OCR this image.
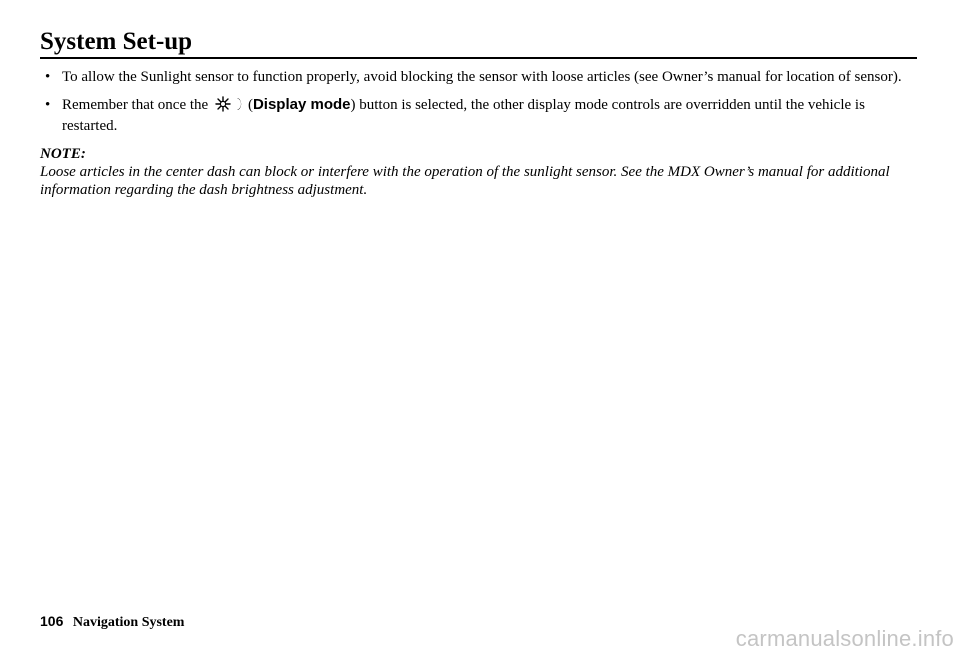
System Set-up
• To allow the Sunlight sensor to function properly, avoid blocking the sensor with loose articles (see Owner’s manual for location of sensor).
• Remember that once the	(Display mode) button is selected, the other display mode controls are overridden until the vehicle is restarted.
NOTE:

Loose articles in the center dash can block or interfere with the operation of the sunlight sensor. See the MDX Owner’s manual for additional information regarding the dash brightness adjustment.

106 Navigation System
carmanualsonline.info
